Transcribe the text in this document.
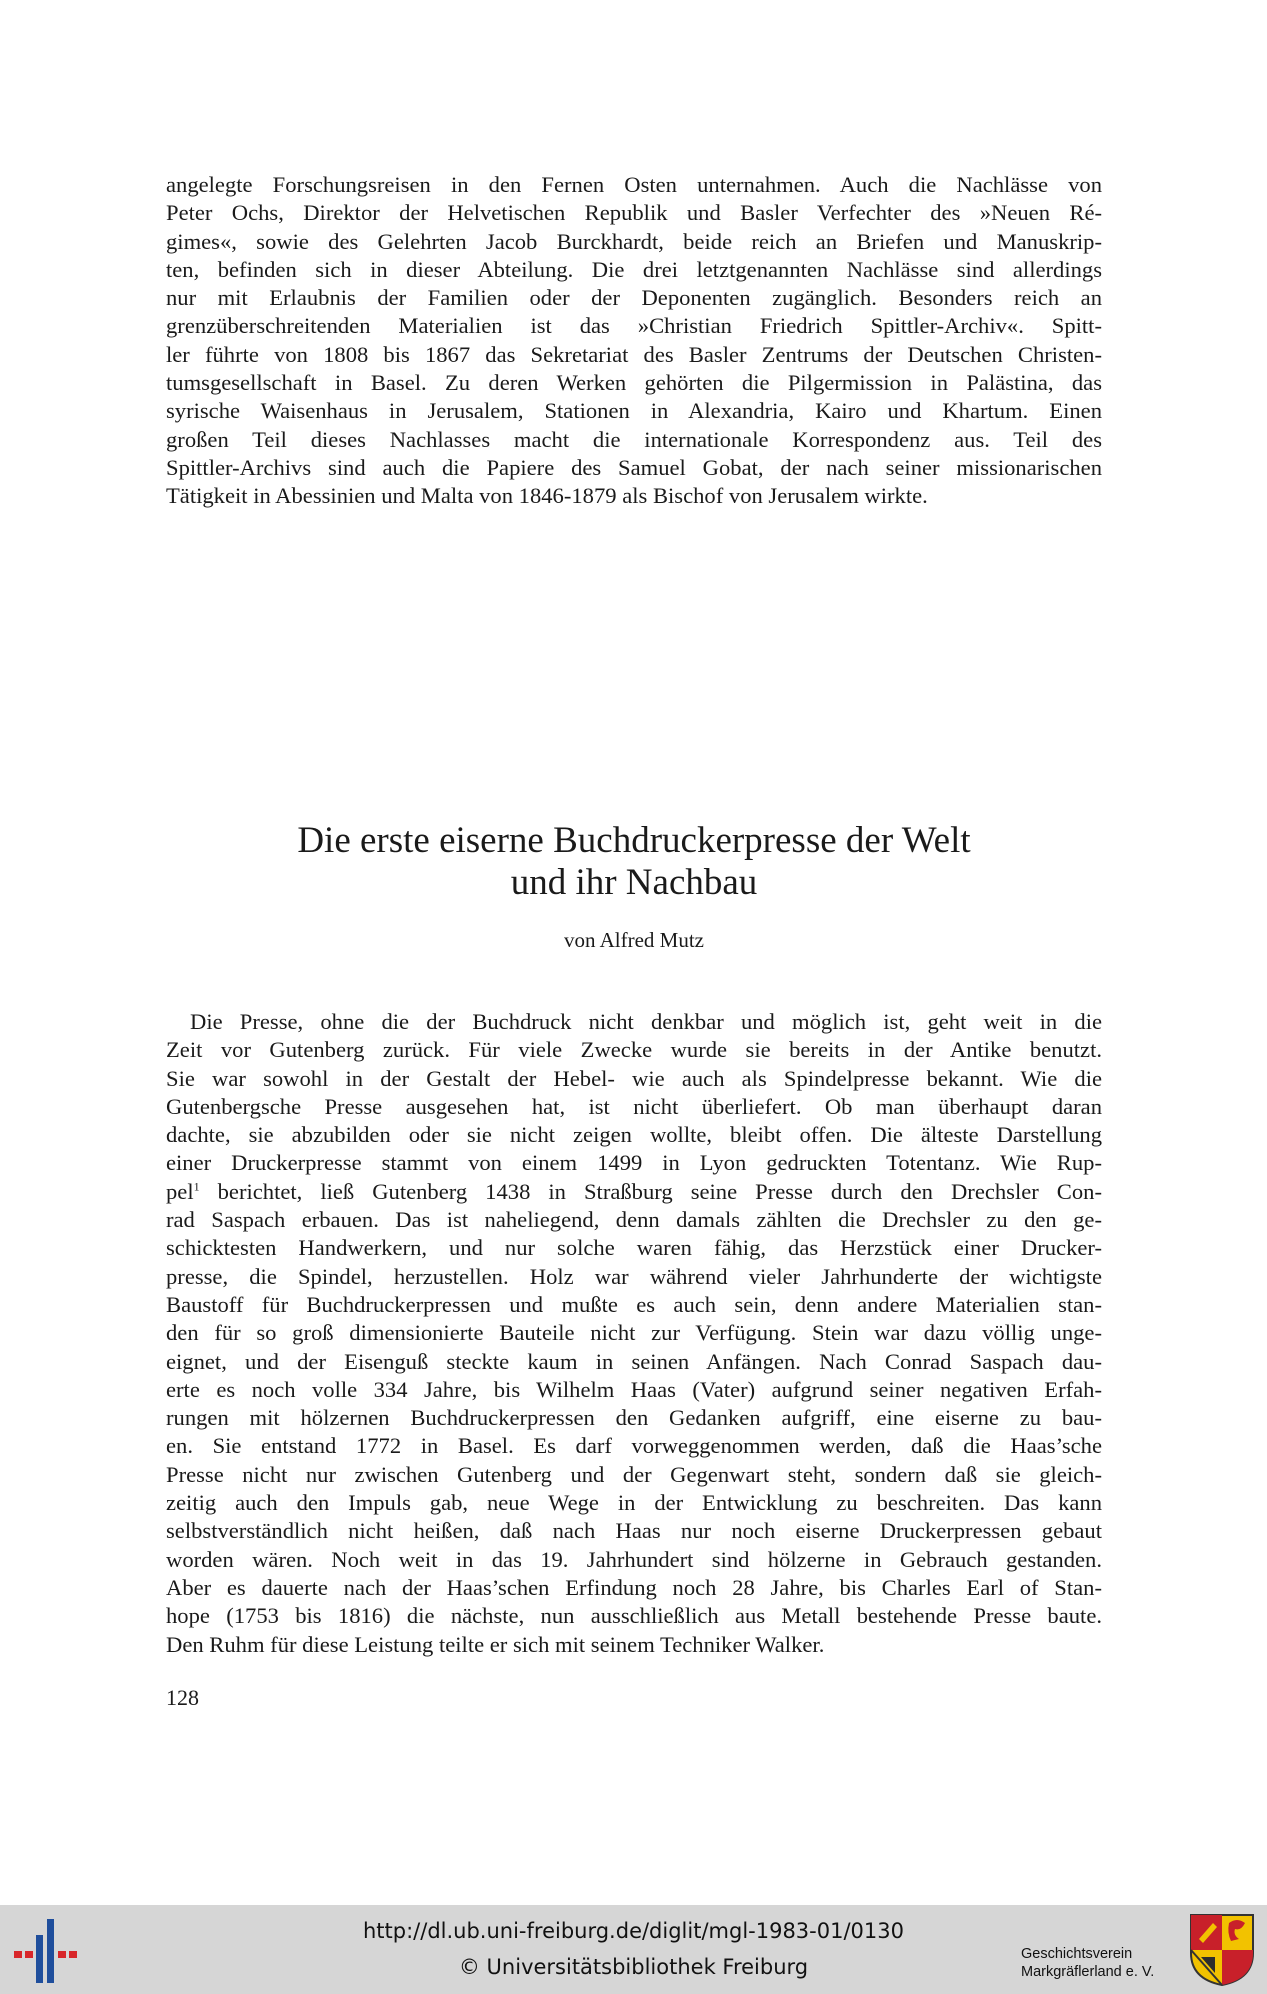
angelegte Forschungsreisen in den Fernen Osten unternahmen. Auch die Nachlässe von
Peter Ochs, Direktor der Helvetischen Republik und Basler Verfechter des »Neuen Ré-
gimes«, sowie des Gelehrten Jacob Burckhardt, beide reich an Briefen und Manuskrip-
ten, befinden sich in dieser Abteilung. Die drei letztgenannten Nachlässe sind allerdings
nur mit Erlaubnis der Familien oder der Deponenten zugänglich. Besonders reich an
grenzüberschreitenden Materialien ist das »Christian Friedrich Spittler-Archiv«. Spitt-
ler führte von 1808 bis 1867 das Sekretariat des Basler Zentrums der Deutschen Christen-
tumsgesellschaft in Basel. Zu deren Werken gehörten die Pilgermission in Palästina, das
syrische Waisenhaus in Jerusalem, Stationen in Alexandria, Kairo und Khartum. Einen
großen Teil dieses Nachlasses macht die internationale Korrespondenz aus. Teil des
Spittler-Archivs sind auch die Papiere des Samuel Gobat, der nach seiner missionarischen
Tätigkeit in Abessinien und Malta von 1846-1879 als Bischof von Jerusalem wirkte.
Die erste eiserne Buchdruckerpresse der Welt
und ihr Nachbau
von Alfred Mutz
Die Presse, ohne die der Buchdruck nicht denkbar und möglich ist, geht weit in die
Zeit vor Gutenberg zurück. Für viele Zwecke wurde sie bereits in der Antike benutzt.
Sie war sowohl in der Gestalt der Hebel- wie auch als Spindelpresse bekannt. Wie die
Gutenbergsche Presse ausgesehen hat, ist nicht überliefert. Ob man überhaupt daran
dachte, sie abzubilden oder sie nicht zeigen wollte, bleibt offen. Die älteste Darstellung
einer Druckerpresse stammt von einem 1499 in Lyon gedruckten Totentanz. Wie Rup-
pel$^1$ berichtet, ließ Gutenberg 1438 in Straßburg seine Presse durch den Drechsler Con-
rad Saspach erbauen. Das ist naheliegend, denn damals zählten die Drechsler zu den ge-
schicktesten Handwerkern, und nur solche waren fähig, das Herzstück einer Drucker-
presse, die Spindel, herzustellen. Holz war während vieler Jahrhunderte der wichtigste
Baustoff für Buchdruckerpressen und mußte es auch sein, denn andere Materialien stan-
den für so groß dimensionierte Bauteile nicht zur Verfügung. Stein war dazu völlig unge-
eignet, und der Eisenguß steckte kaum in seinen Anfängen. Nach Conrad Saspach dau-
erte es noch volle 334 Jahre, bis Wilhelm Haas (Vater) aufgrund seiner negativen Erfah-
rungen mit hölzernen Buchdruckerpressen den Gedanken aufgriff, eine eiserne zu bau-
en. Sie entstand 1772 in Basel. Es darf vorweggenommen werden, daß die Haas’sche
Presse nicht nur zwischen Gutenberg und der Gegenwart steht, sondern daß sie gleich-
zeitig auch den Impuls gab, neue Wege in der Entwicklung zu beschreiten. Das kann
selbstverständlich nicht heißen, daß nach Haas nur noch eiserne Druckerpressen gebaut
worden wären. Noch weit in das 19. Jahrhundert sind hölzerne in Gebrauch gestanden.
Aber es dauerte nach der Haas’schen Erfindung noch 28 Jahre, bis Charles Earl of Stan-
hope (1753 bis 1816) die nächste, nun ausschließlich aus Metall bestehende Presse baute.
Den Ruhm für diese Leistung teilte er sich mit seinem Techniker Walker.
128
http://dl.ub.uni-freiburg.de/diglit/mgl-1983-01/0130
© Universitätsbibliothek Freiburg
Geschichtsverein
Markgräflerland e. V.
